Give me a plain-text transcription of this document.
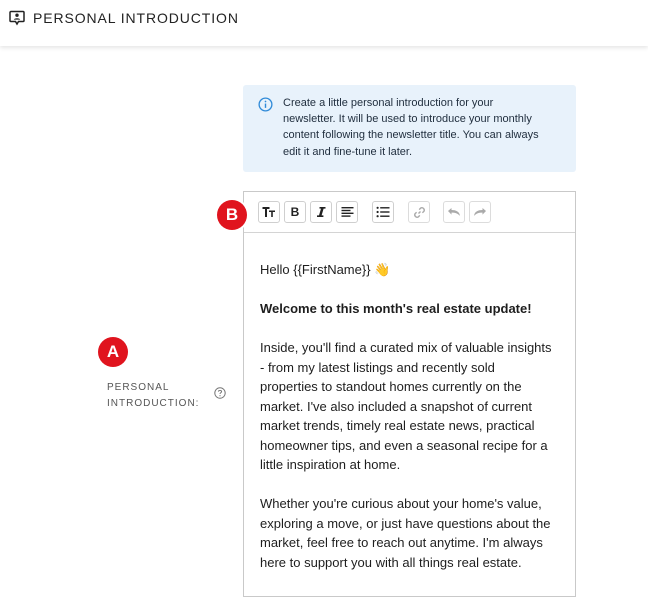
PERSONAL INTRODUCTION
Create a little personal introduction for your
newsletter. It will be used to introduce your monthly
content following the newsletter title. You can always
edit it and fine-tune it later.
PERSONAL
INTRODUCTION:
B

Hello {{FirstName}} 👋

Welcome to this month's real estate update!

Inside, you'll find a curated mix of valuable insights

- from my latest listings and recently sold

properties to standout homes currently on the

market. I've also included a snapshot of current

market trends, timely real estate news, practical

homeowner tips, and even a seasonal recipe for a

little inspiration at home.

Whether you're curious about your home's value,

exploring a move, or just have questions about the

market, feel free to reach out anytime. I'm always

here to support you with all things real estate.

A
B
